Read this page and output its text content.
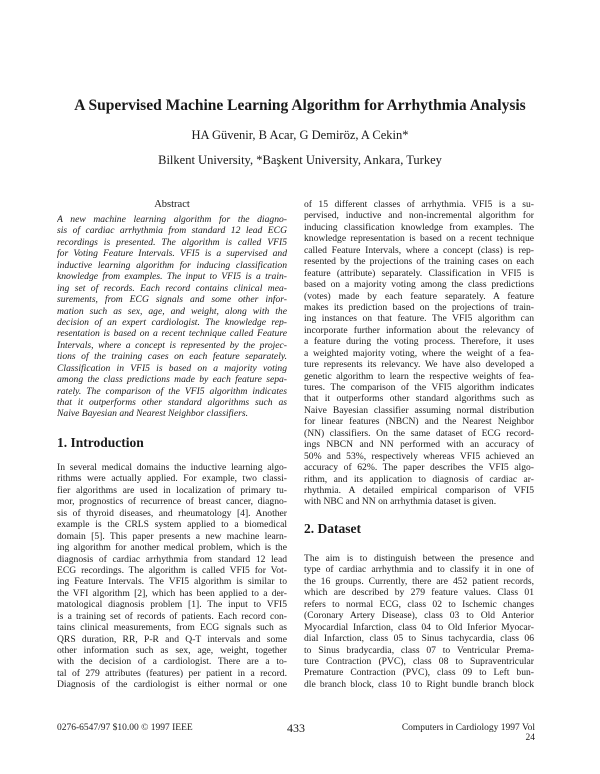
A Supervised Machine Learning Algorithm for Arrhythmia Analysis
HA Güvenir, B Acar, G Demiröz, A Cekin*
Bilkent University, *Başkent University, Ankara, Turkey
Abstract
A new machine learning algorithm for the diagno-
sis of cardiac arrhythmia from standard 12 lead ECG
recordings is presented. The algorithm is called VFI5
for Voting Feature Intervals. VFI5 is a supervised and
inductive learning algorithm for inducing classification
knowledge from examples. The input to VFI5 is a train-
ing set of records. Each record contains clinical mea-
surements, from ECG signals and some other infor-
mation such as sex, age, and weight, along with the
decision of an expert cardiologist. The knowledge rep-
resentation is based on a recent technique called Feature
Intervals, where a concept is represented by the projec-
tions of the training cases on each feature separately.
Classification in VFI5 is based on a majority voting
among the class predictions made by each feature sepa-
rately. The comparison of the VFI5 algorithm indicates
that it outperforms other standard algorithms such as
Naive Bayesian and Nearest Neighbor classifiers.
1. Introduction
In several medical domains the inductive learning algo-
rithms were actually applied. For example, two classi-
fier algorithms are used in localization of primary tu-
mor, prognostics of recurrence of breast cancer, diagno-
sis of thyroid diseases, and rheumatology [4]. Another
example is the CRLS system applied to a biomedical
domain [5]. This paper presents a new machine learn-
ing algorithm for another medical problem, which is the
diagnosis of cardiac arrhythmia from standard 12 lead
ECG recordings. The algorithm is called VFI5 for Vot-
ing Feature Intervals. The VFI5 algorithm is similar to
the VFI algorithm [2], which has been applied to a der-
matological diagnosis problem [1]. The input to VFI5
is a training set of records of patients. Each record con-
tains clinical measurements, from ECG signals such as
QRS duration, RR, P-R and Q-T intervals and some
other information such as sex, age, weight, together
with the decision of a cardiologist. There are a to-
tal of 279 attributes (features) per patient in a record.
Diagnosis of the cardiologist is either normal or one
of 15 different classes of arrhythmia. VFI5 is a su-
pervised, inductive and non-incremental algorithm for
inducing classification knowledge from examples. The
knowledge representation is based on a recent technique
called Feature Intervals, where a concept (class) is rep-
resented by the projections of the training cases on each
feature (attribute) separately. Classification in VFI5 is
based on a majority voting among the class predictions
(votes) made by each feature separately. A feature
makes its prediction based on the projections of train-
ing instances on that feature. The VFI5 algorithm can
incorporate further information about the relevancy of
a feature during the voting process. Therefore, it uses
a weighted majority voting, where the weight of a fea-
ture represents its relevancy. We have also developed a
genetic algorithm to learn the respective weights of fea-
tures. The comparison of the VFI5 algorithm indicates
that it outperforms other standard algorithms such as
Naive Bayesian classifier assuming normal distribution
for linear features (NBCN) and the Nearest Neighbor
(NN) classifiers. On the same dataset of ECG record-
ings NBCN and NN performed with an accuracy of
50% and 53%, respectively whereas VFI5 achieved an
accuracy of 62%. The paper describes the VFI5 algo-
rithm, and its application to diagnosis of cardiac ar-
rhythmia. A detailed empirical comparison of VFI5
with NBC and NN on arrhythmia dataset is given.
2. Dataset
The aim is to distinguish between the presence and
type of cardiac arrhythmia and to classify it in one of
the 16 groups. Currently, there are 452 patient records,
which are described by 279 feature values. Class 01
refers to normal ECG, class 02 to Ischemic changes
(Coronary Artery Disease), class 03 to Old Anterior
Myocardial Infarction, class 04 to Old Inferior Myocar-
dial Infarction, class 05 to Sinus tachycardia, class 06
to Sinus bradycardia, class 07 to Ventricular Prema-
ture Contraction (PVC), class 08 to Supraventricular
Premature Contraction (PVC), class 09 to Left bun-
dle branch block, class 10 to Right bundle branch block
0276-6547/97 $10.00 © 1997 IEEE	433	Computers in Cardiology 1997 Vol 24
